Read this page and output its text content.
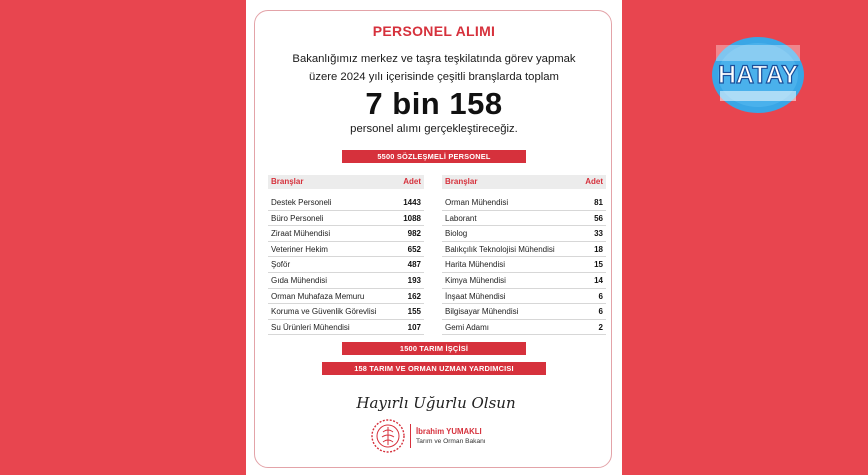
PERSONEL ALIMI
Bakanlığımız merkez ve taşra teşkilatında görev yapmak
üzere 2024 yılı içerisinde çeşitli branşlarda toplam
7 bin 158
personel alımı gerçekleştireceğiz.
5500 SÖZLEŞMELİ PERSONEL
Branşlar	Adet
Destek Personeli	1443
Büro Personeli	1088
Ziraat Mühendisi	982
Veteriner Hekim	652
Şoför	487
Gıda Mühendisi	193
Orman Muhafaza Memuru	162
Koruma ve Güvenlik Görevlisi	155
Su Ürünleri Mühendisi	107
Branşlar	Adet
Orman Mühendisi	81
Laborant	56
Biolog	33
Balıkçılık Teknolojisi Mühendisi	18
Harita Mühendisi	15
Kimya Mühendisi	14
İnşaat Mühendisi	6
Bilgisayar Mühendisi	6
Gemi Adamı	2
1500 TARIM İŞÇİSİ
158 TARIM VE ORMAN UZMAN YARDIMCISI
Hayırlı Uğurlu Olsun
İbrahim YUMAKLI
Tarım ve Orman Bakanı
HATAY
